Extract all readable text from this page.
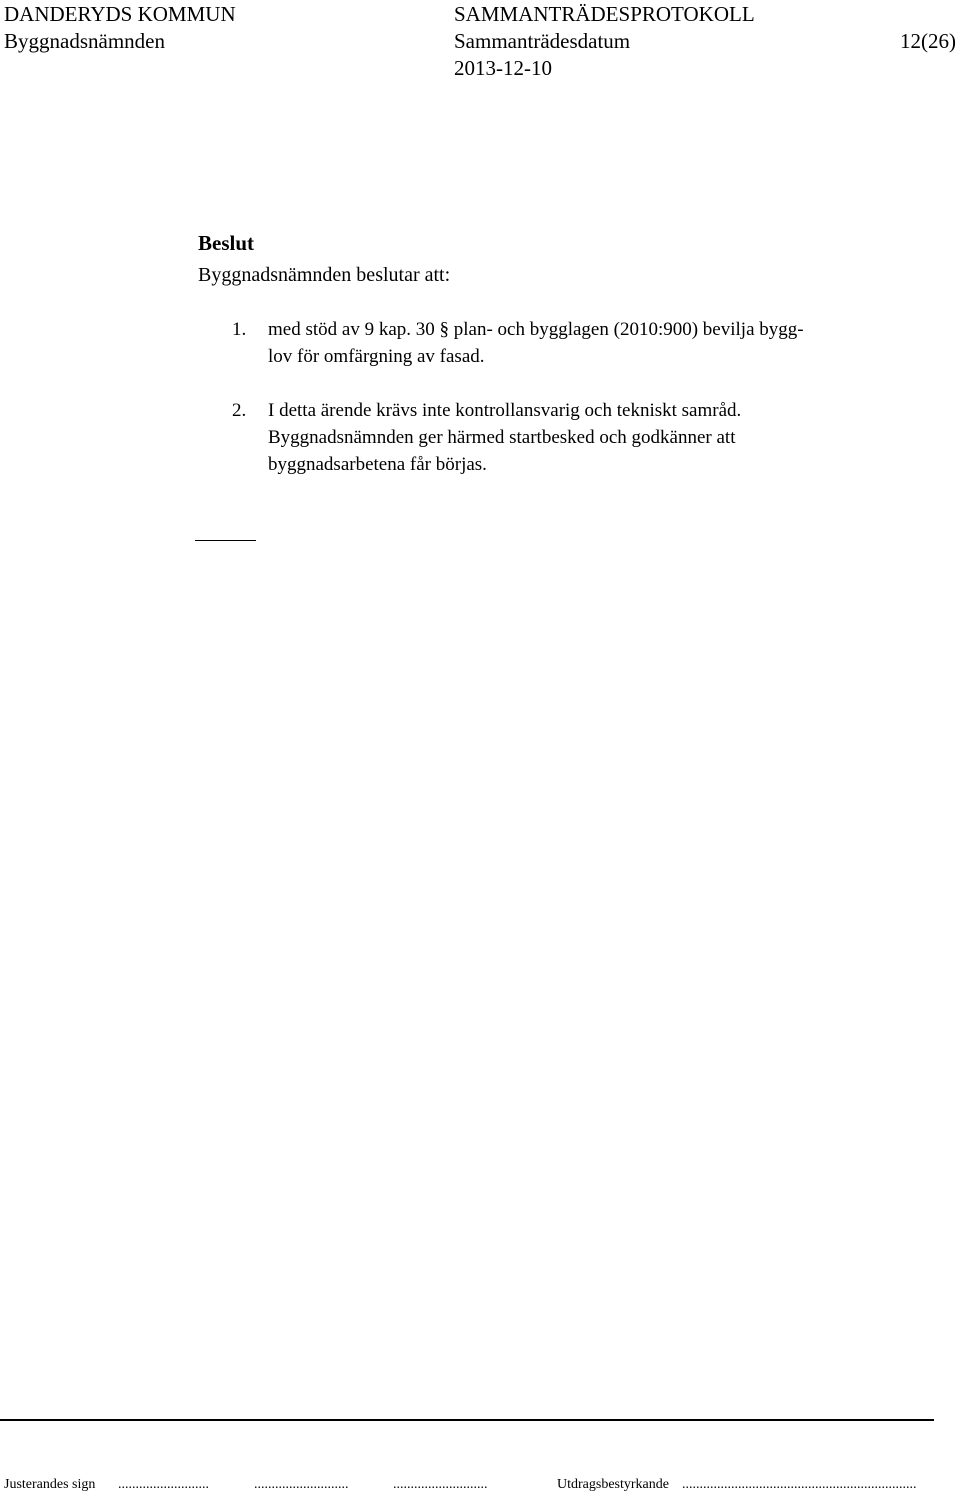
DANDERYDS KOMMUN
Byggnadsnämnden
SAMMANTRÄDESPROTOKOLL
Sammanträdesdatum
2013-12-10
12(26)
Beslut
Byggnadsnämnden beslutar att:
1. med stöd av 9 kap. 30 § plan- och bygglagen (2010:900) bevilja bygg-
lov för omfärgning av fasad.
2. I detta ärende krävs inte kontrollansvarig och tekniskt samråd.
Byggnadsnämnden ger härmed startbesked och godkänner att
byggnadsarbetena får börjas.
Justerandes sign ..........................	...........................	...........................	Utdragsbestyrkande ...................................................................
